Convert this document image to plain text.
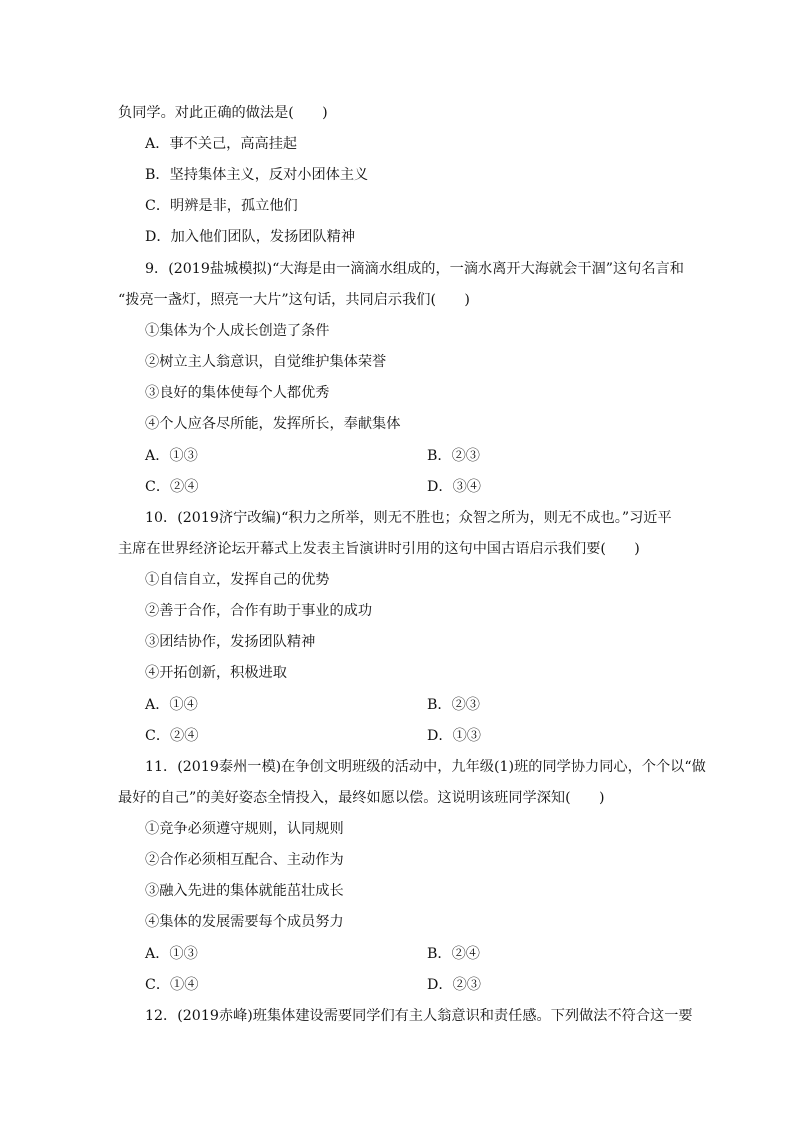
负同学。对此正确的做法是(　　)
A．事不关己，高高挂起
B．坚持集体主义，反对小团体主义
C．明辨是非，孤立他们
D．加入他们团队，发扬团队精神
9．(2019盐城模拟)“大海是由一滴滴水组成的，一滴水离开大海就会干涸”这句名言和
“拨亮一盏灯，照亮一大片”这句话，共同启示我们(　　)
①集体为个人成长创造了条件
②树立主人翁意识，自觉维护集体荣誉
③良好的集体使每个人都优秀
④个人应各尽所能，发挥所长，奉献集体
A．①③	B．②③
C．②④	D．③④
10．(2019济宁改编)“积力之所举，则无不胜也；众智之所为，则无不成也。”习近平
主席在世界经济论坛开幕式上发表主旨演讲时引用的这句中国古语启示我们要(　　)
①自信自立，发挥自己的优势
②善于合作，合作有助于事业的成功
③团结协作，发扬团队精神
④开拓创新，积极进取
A．①④	B．②③
C．②④	D．①③
11．(2019泰州一模)在争创文明班级的活动中，九年级(1)班的同学协力同心，个个以“做
最好的自己”的美好姿态全情投入，最终如愿以偿。这说明该班同学深知(　　)
①竞争必须遵守规则，认同规则
②合作必须相互配合、主动作为
③融入先进的集体就能茁壮成长
④集体的发展需要每个成员努力
A．①③	B．②④
C．①④	D．②③
12．(2019赤峰)班集体建设需要同学们有主人翁意识和责任感。下列做法不符合这一要
